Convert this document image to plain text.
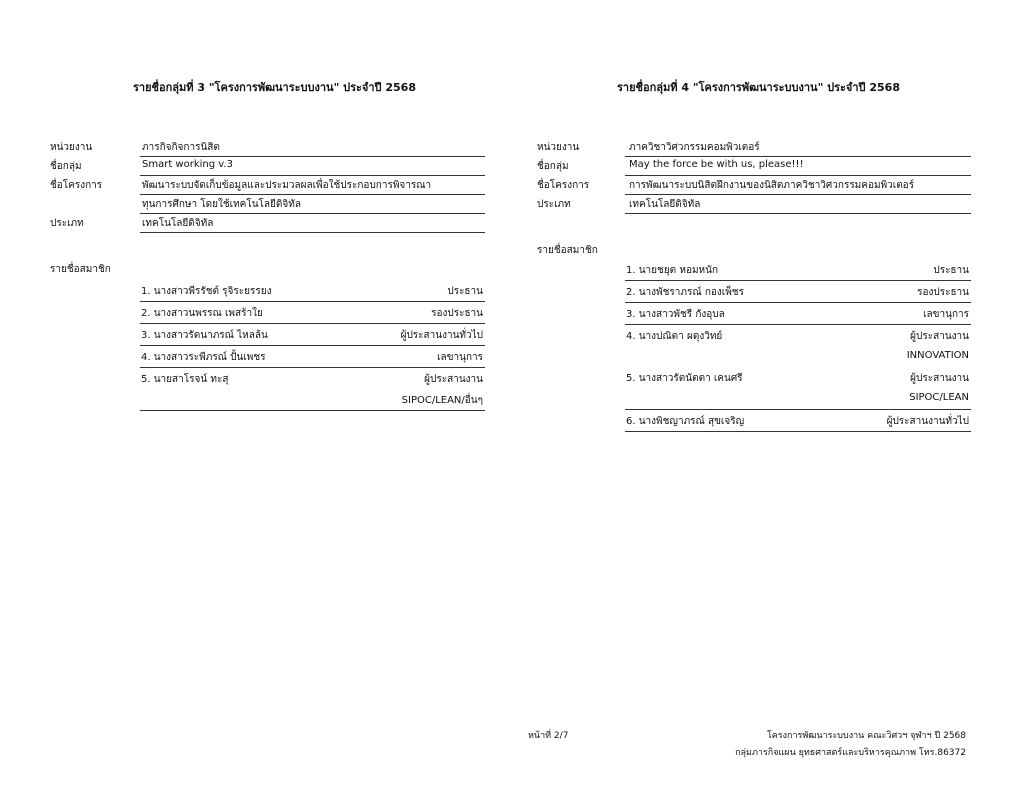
รายชื่อกลุ่มที่ 3 "โครงการพัฒนาระบบงาน" ประจำปี 2568
หน่วยงาน	ภารกิจกิจการนิสิต
ชื่อกลุ่ม	Smart working v.3
ชื่อโครงการ	พัฒนาระบบจัดเก็บข้อมูลและประมวลผลเพื่อใช้ประกอบการพิจารณา
ทุนการศึกษา โดยใช้เทคโนโลยีดิจิทัล
ประเภท	เทคโนโลยีดิจิทัล
รายชื่อสมาชิก
1. นางสาวพีรรัชต์ รุจิระยรรยง	ประธาน
2. นางสาวนพรรณ เพสร้าใย	รองประธาน
3. นางสาวรัตนาภรณ์ ไหลล้น	ผู้ประสานงานทั่วไป
4. นางสาวระพีภรณ์ ปั้นเพชร	เลขานุการ
5. นายสาโรจน์ ทะสุ	ผู้ประสานงาน
SIPOC/LEAN/อื่นๆ
รายชื่อกลุ่มที่ 4 "โครงการพัฒนาระบบงาน" ประจำปี 2568
หน่วยงาน	ภาควิชาวิศวกรรมคอมพิวเตอร์
ชื่อกลุ่ม	May the force be with us, please!!!
ชื่อโครงการ	การพัฒนาระบบนิสิตฝึกงานของนิสิตภาควิชาวิศวกรรมคอมพิวเตอร์
ประเภท	เทคโนโลยีดิจิทัล
รายชื่อสมาชิก
1. นายชยุต หอมหนัก	ประธาน
2. นางพัชราภรณ์ กองเพ็ชร	รองประธาน
3. นางสาวพัชรี กังอุบล	เลขานุการ
4. นางปณิตา ผดุงวิทย์	ผู้ประสานงาน
INNOVATION
5. นางสาวรัตนัตตา เคนศรี	ผู้ประสานงาน
SIPOC/LEAN
6. นางพิชญาภรณ์ สุขเจริญ	ผู้ประสานงานทั่วไป
หน้าที่ 2/7	โครงการพัฒนาระบบงาน คณะวิศวฯ จุฬาฯ ปี 2568
กลุ่มภารกิจแผน ยุทธศาสตร์และบริหารคุณภาพ โทร.86372
